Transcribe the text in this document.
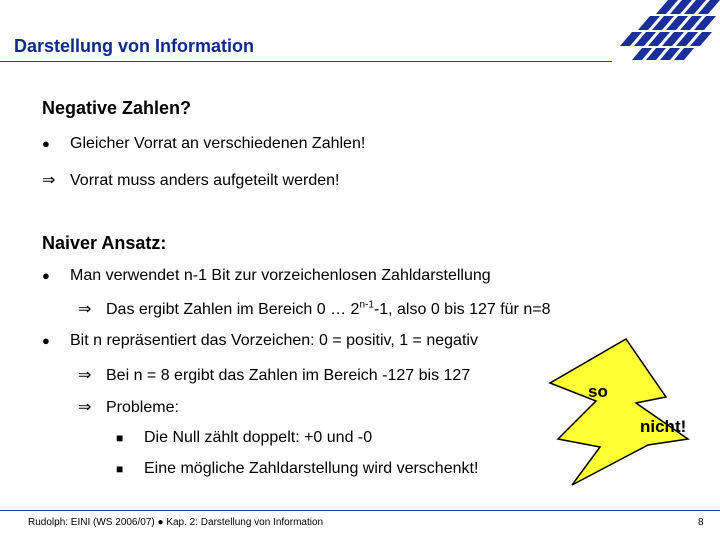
Darstellung von Information
Negative Zahlen?
●	Gleicher Vorrat an verschiedenen Zahlen!
⇒ Vorrat muss anders aufgeteilt werden!
Naiver Ansatz:
●	Man verwendet n-1 Bit zur vorzeichenlosen Zahldarstellung
⇒ Das ergibt Zahlen im Bereich 0 … 2$^{n-1}$-1, also 0 bis 127 für n=8
●	Bit n repräsentiert das Vorzeichen: 0 = positiv, 1 = negativ
⇒ Bei n = 8 ergibt das Zahlen im Bereich -127 bis 127
⇒ Probleme:
■	Die Null zählt doppelt: +0 und -0
■	Eine mögliche Zahldarstellung wird verschenkt!
so
nicht!
Rudolph: EINI (WS 2006/07) ● Kap. 2: Darstellung von Information	8
